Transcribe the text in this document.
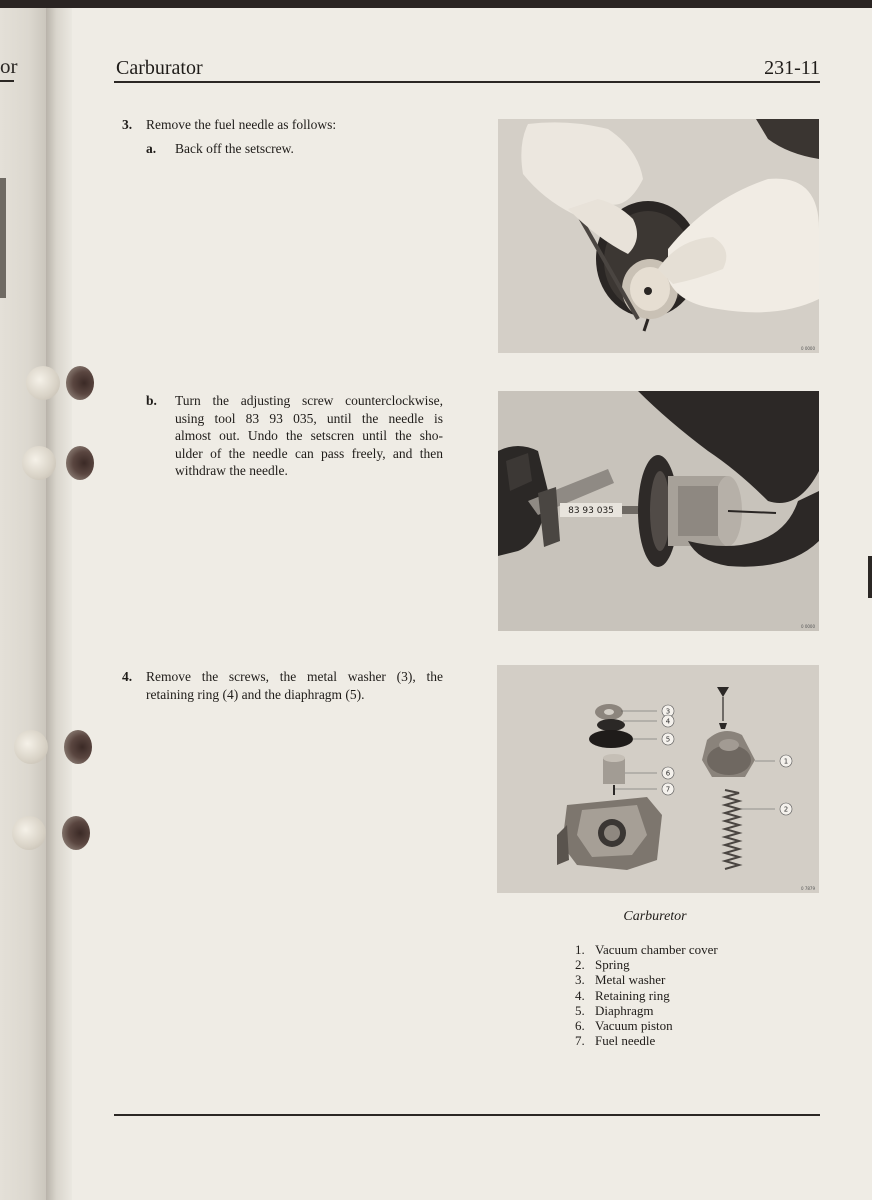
or	Carburator	231-11
3. Remove the fuel needle as follows:
a. Back off the setscrew.
b. Turn the adjusting screw counterclockwise,
using tool 83 93 035, until the needle is
almost out. Undo the setscren until the sho-
ulder of the needle can pass freely, and then
withdraw the needle.
4. Remove the screws, the metal washer (3), the
retaining ring (4) and the diaphragm (5).
0 0000
83 93 035
0 0000
3
4
5
6
7
1
2
0 7879
Carburetor
1. Vacuum chamber cover
2. Spring
3. Metal washer
4. Retaining ring
5. Diaphragm
6. Vacuum piston
7. Fuel needle
